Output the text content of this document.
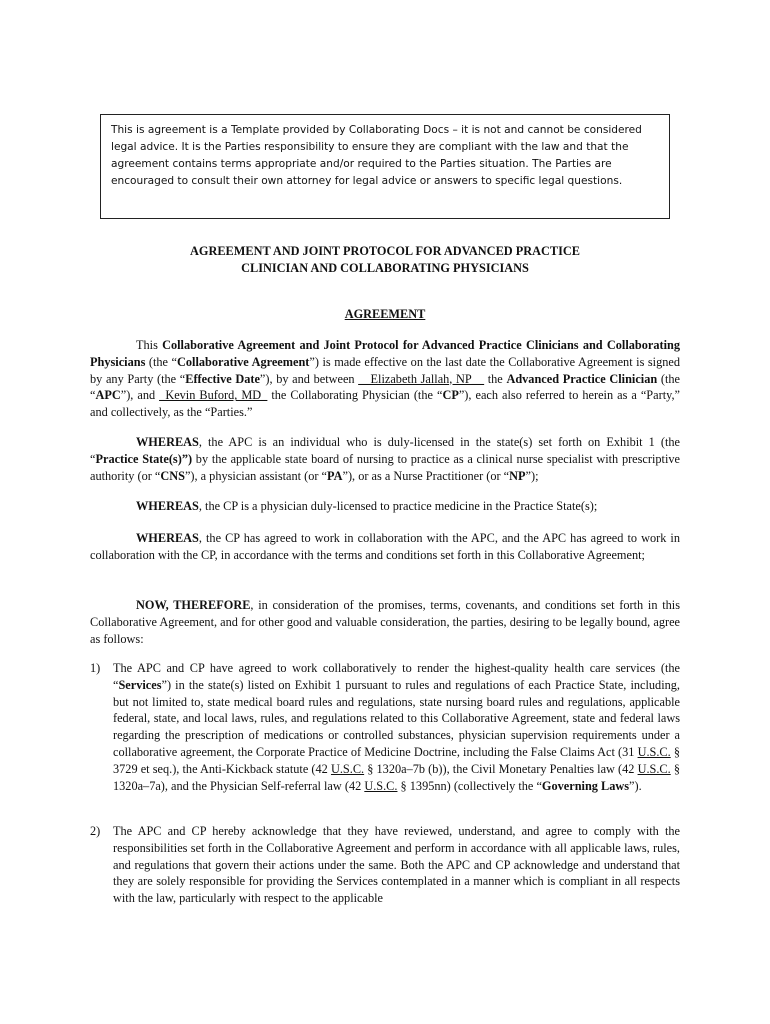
This is agreement is a Template provided by Collaborating Docs – it is not and cannot be considered legal advice. It is the Parties responsibility to ensure they are compliant with the law and that the agreement contains terms appropriate and/or required to the Parties situation. The Parties are encouraged to consult their own attorney for legal advice or answers to specific legal questions.
AGREEMENT AND JOINT PROTOCOL FOR ADVANCED PRACTICE
CLINICIAN AND COLLABORATING PHYSICIANS
AGREEMENT
This Collaborative Agreement and Joint Protocol for Advanced Practice Clinicians and Collaborating Physicians (the “Collaborative Agreement”) is made effective on the last date the Collaborative Agreement is signed by any Party (the “Effective Date”), by and between __Elizabeth Jallah, NP__ the Advanced Practice Clinician (the “APC”), and _Kevin Buford, MD_ the Collaborating Physician (the “CP”), each also referred to herein as a “Party,” and collectively, as the “Parties.”
WHEREAS, the APC is an individual who is duly-licensed in the state(s) set forth on Exhibit 1 (the “Practice State(s)”) by the applicable state board of nursing to practice as a clinical nurse specialist with prescriptive authority (or “CNS”), a physician assistant (or “PA”), or as a Nurse Practitioner (or “NP”);
WHEREAS, the CP is a physician duly-licensed to practice medicine in the Practice State(s);
WHEREAS, the CP has agreed to work in collaboration with the APC, and the APC has agreed to work in collaboration with the CP, in accordance with the terms and conditions set forth in this Collaborative Agreement;
NOW, THEREFORE, in consideration of the promises, terms, covenants, and conditions set forth in this Collaborative Agreement, and for other good and valuable consideration, the parties, desiring to be legally bound, agree as follows:
1) The APC and CP have agreed to work collaboratively to render the highest-quality health care services (the “Services”) in the state(s) listed on Exhibit 1 pursuant to rules and regulations of each Practice State, including, but not limited to, state medical board rules and regulations, state nursing board rules and regulations, applicable federal, state, and local laws, rules, and regulations related to this Collaborative Agreement, state and federal laws regarding the prescription of medications or controlled substances, physician supervision requirements under a collaborative agreement, the Corporate Practice of Medicine Doctrine, including the False Claims Act (31 U.S.C. § 3729 et seq.), the Anti-Kickback statute (42 U.S.C. § 1320a–7b (b)), the Civil Monetary Penalties law (42 U.S.C. § 1320a–7a), and the Physician Self-referral law (42 U.S.C. § 1395nn) (collectively the “Governing Laws”).
2) The APC and CP hereby acknowledge that they have reviewed, understand, and agree to comply with the responsibilities set forth in the Collaborative Agreement and perform in accordance with all applicable laws, rules, and regulations that govern their actions under the same. Both the APC and CP acknowledge and understand that they are solely responsible for providing the Services contemplated in a manner which is compliant in all respects with the law, particularly with respect to the applicable
